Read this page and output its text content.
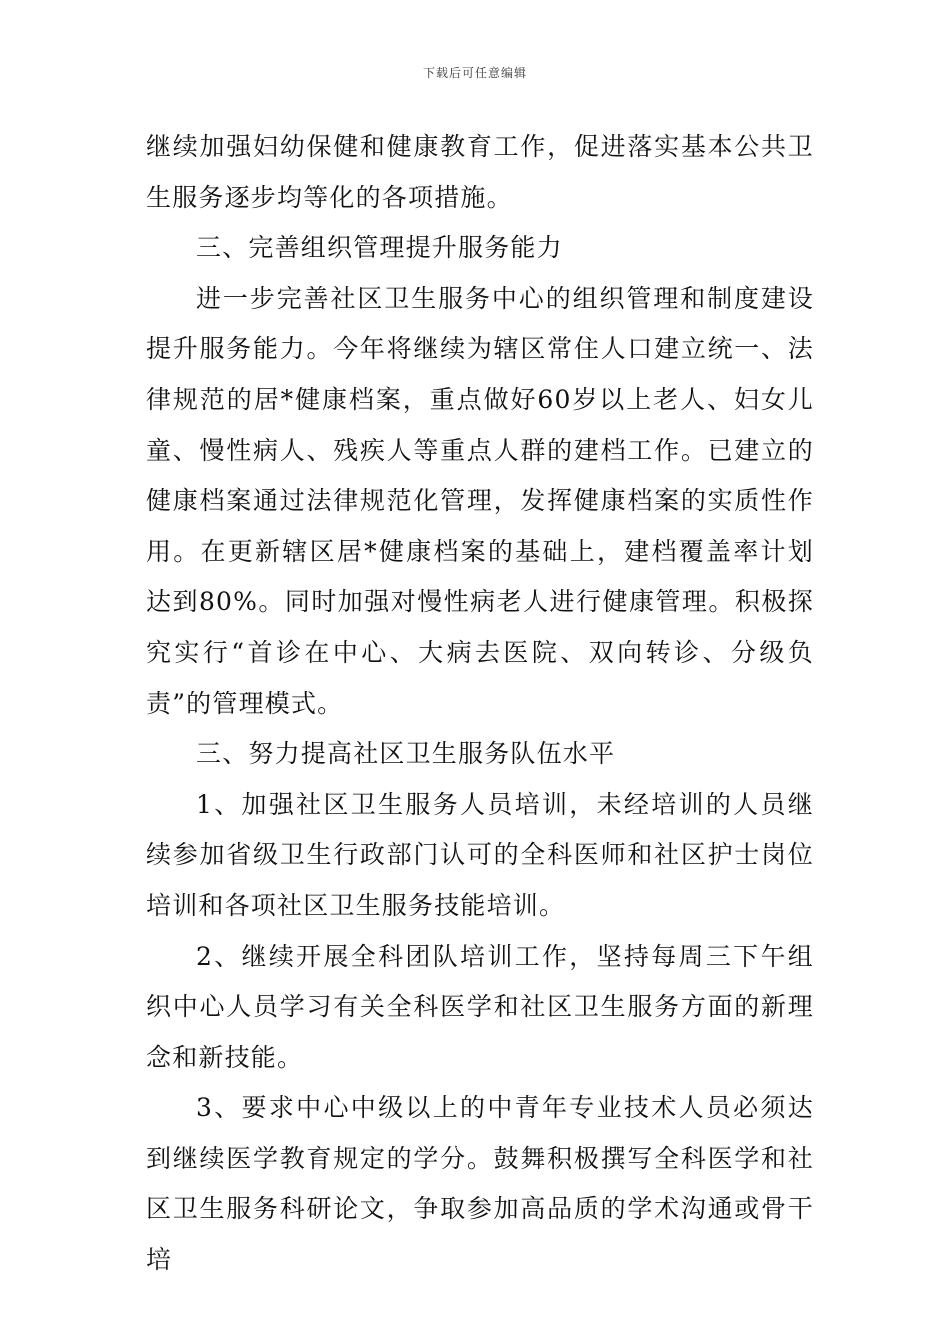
下载后可任意编辑

继续加强妇幼保健和健康教育工作，促进落实基本公共卫生服务逐步均等化的各项措施。

三、完善组织管理提升服务能力

进一步完善社区卫生服务中心的组织管理和制度建设提升服务能力。今年将继续为辖区常住人口建立统一、法律规范的居*健康档案，重点做好60岁以上老人、妇女儿童、慢性病人、残疾人等重点人群的建档工作。已建立的健康档案通过法律规范化管理，发挥健康档案的实质性作用。在更新辖区居*健康档案的基础上，建档覆盖率计划达到80%。同时加强对慢性病老人进行健康管理。积极探究实行“首诊在中心、大病去医院、双向转诊、分级负责”的管理模式。

三、努力提高社区卫生服务队伍水平

1、加强社区卫生服务人员培训，未经培训的人员继续参加省级卫生行政部门认可的全科医师和社区护士岗位培训和各项社区卫生服务技能培训。

2、继续开展全科团队培训工作，坚持每周三下午组织中心人员学习有关全科医学和社区卫生服务方面的新理念和新技能。

3、要求中心中级以上的中青年专业技术人员必须达到继续医学教育规定的学分。鼓舞积极撰写全科医学和社区卫生服务科研论文，争取参加高品质的学术沟通或骨干培
